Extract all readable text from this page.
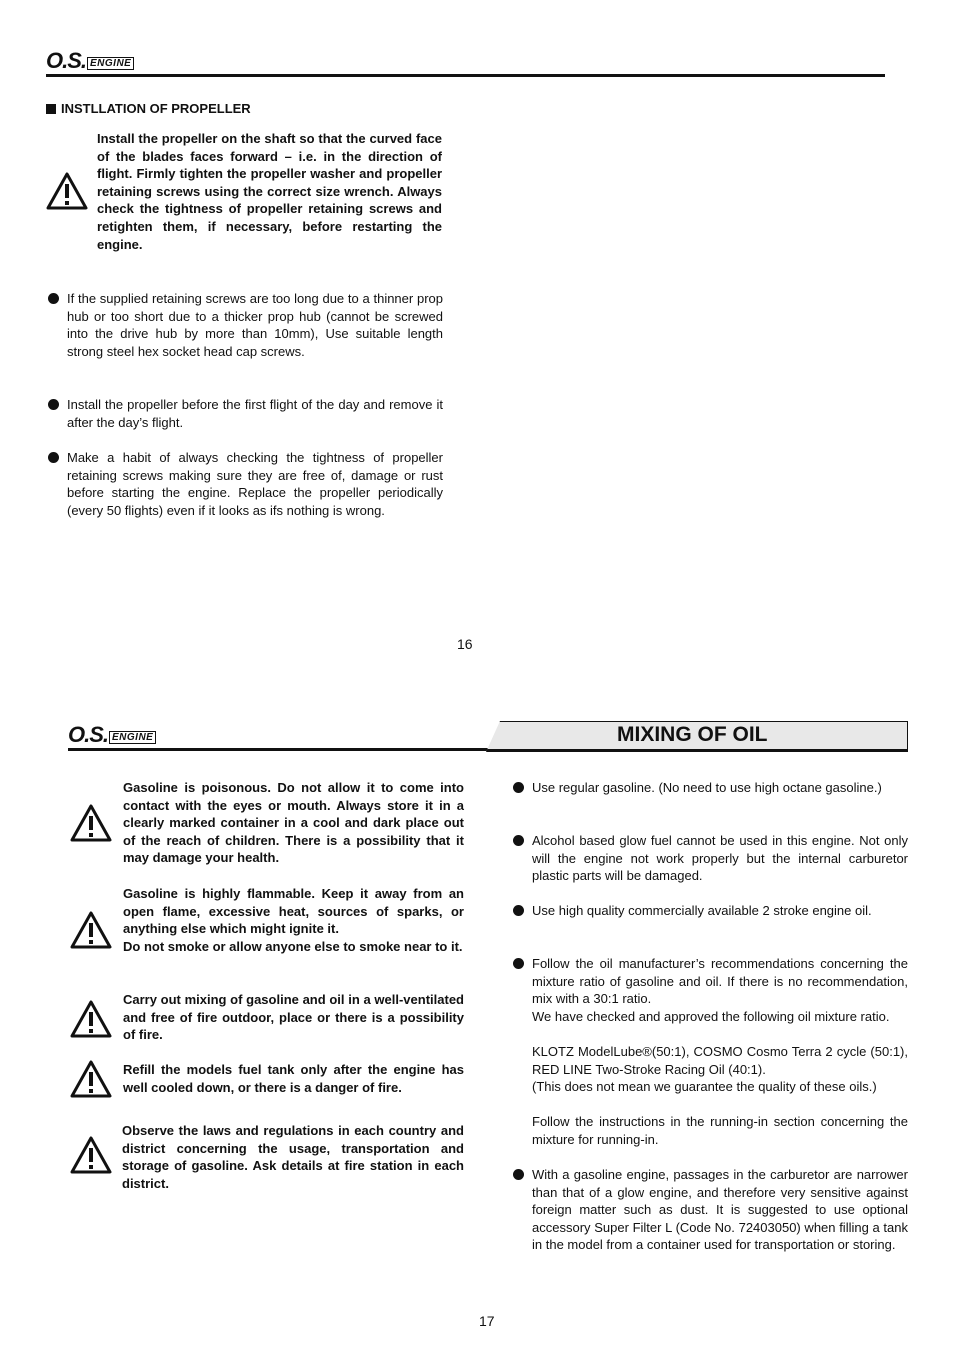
O.S. ENGINE
INSTLLATION OF PROPELLER

Install the propeller on the shaft so that the curved face of the blades faces forward – i.e. in the direction of flight. Firmly tighten the propeller washer and propeller retaining screws using the correct size wrench. Always check the tightness of propeller retaining screws and retighten them, if necessary, before restarting the engine.

If the supplied retaining screws are too long due to a thinner prop hub or too short due to a thicker prop hub (cannot be screwed into the drive hub by more than 10mm), Use suitable length strong steel hex socket head cap screws.

Install the propeller before the first flight of the day and remove it after the day’s flight.

Make a habit of always checking the tightness of propeller retaining screws making sure they are free of, damage or rust before starting the engine. Replace the propeller periodically (every 50 flights) even if it looks as ifs nothing is wrong.

16
O.S. ENGINE	MIXING OF OIL

Gasoline is poisonous. Do not allow it to come into contact with the eyes or mouth. Always store it in a clearly marked container in a cool and dark place out of the reach of children. There is a possibility that it may damage your health.

Gasoline is highly flammable. Keep it away from an open flame, excessive heat, sources of sparks, or anything else which might ignite it.

Do not smoke or allow anyone else to smoke near to it.

Carry out mixing of gasoline and oil in a well-ventilated and free of fire outdoor, place or there is a possibility of fire.

Refill the models fuel tank only after the engine has well cooled down, or there is a danger of fire.

Observe the laws and regulations in each country and district concerning the usage, transportation and storage of gasoline. Ask details at fire station in each district.

Use regular gasoline. (No need to use high octane gasoline.)

Alcohol based glow fuel cannot be used in this engine. Not only will the engine not work properly but the internal carburetor plastic parts will be damaged.

Use high quality commercially available 2 stroke engine oil.

Follow the oil manufacturer’s recommendations concerning the mixture ratio of gasoline and oil. If there is no recommendation, mix with a 30:1 ratio.

We have checked and approved the following oil mixture ratio.

KLOTZ ModelLube®(50:1), COSMO Cosmo Terra 2 cycle (50:1), RED LINE Two-Stroke Racing Oil (40:1).

(This does not mean we guarantee the quality of these oils.)

Follow the instructions in the running-in section concerning the mixture for running-in.

With a gasoline engine, passages in the carburetor are narrower than that of a glow engine, and therefore very sensitive against foreign matter such as dust. It is suggested to use optional accessory Super Filter L (Code No. 72403050) when filling a tank in the model from a container used for transportation or storing.

17
